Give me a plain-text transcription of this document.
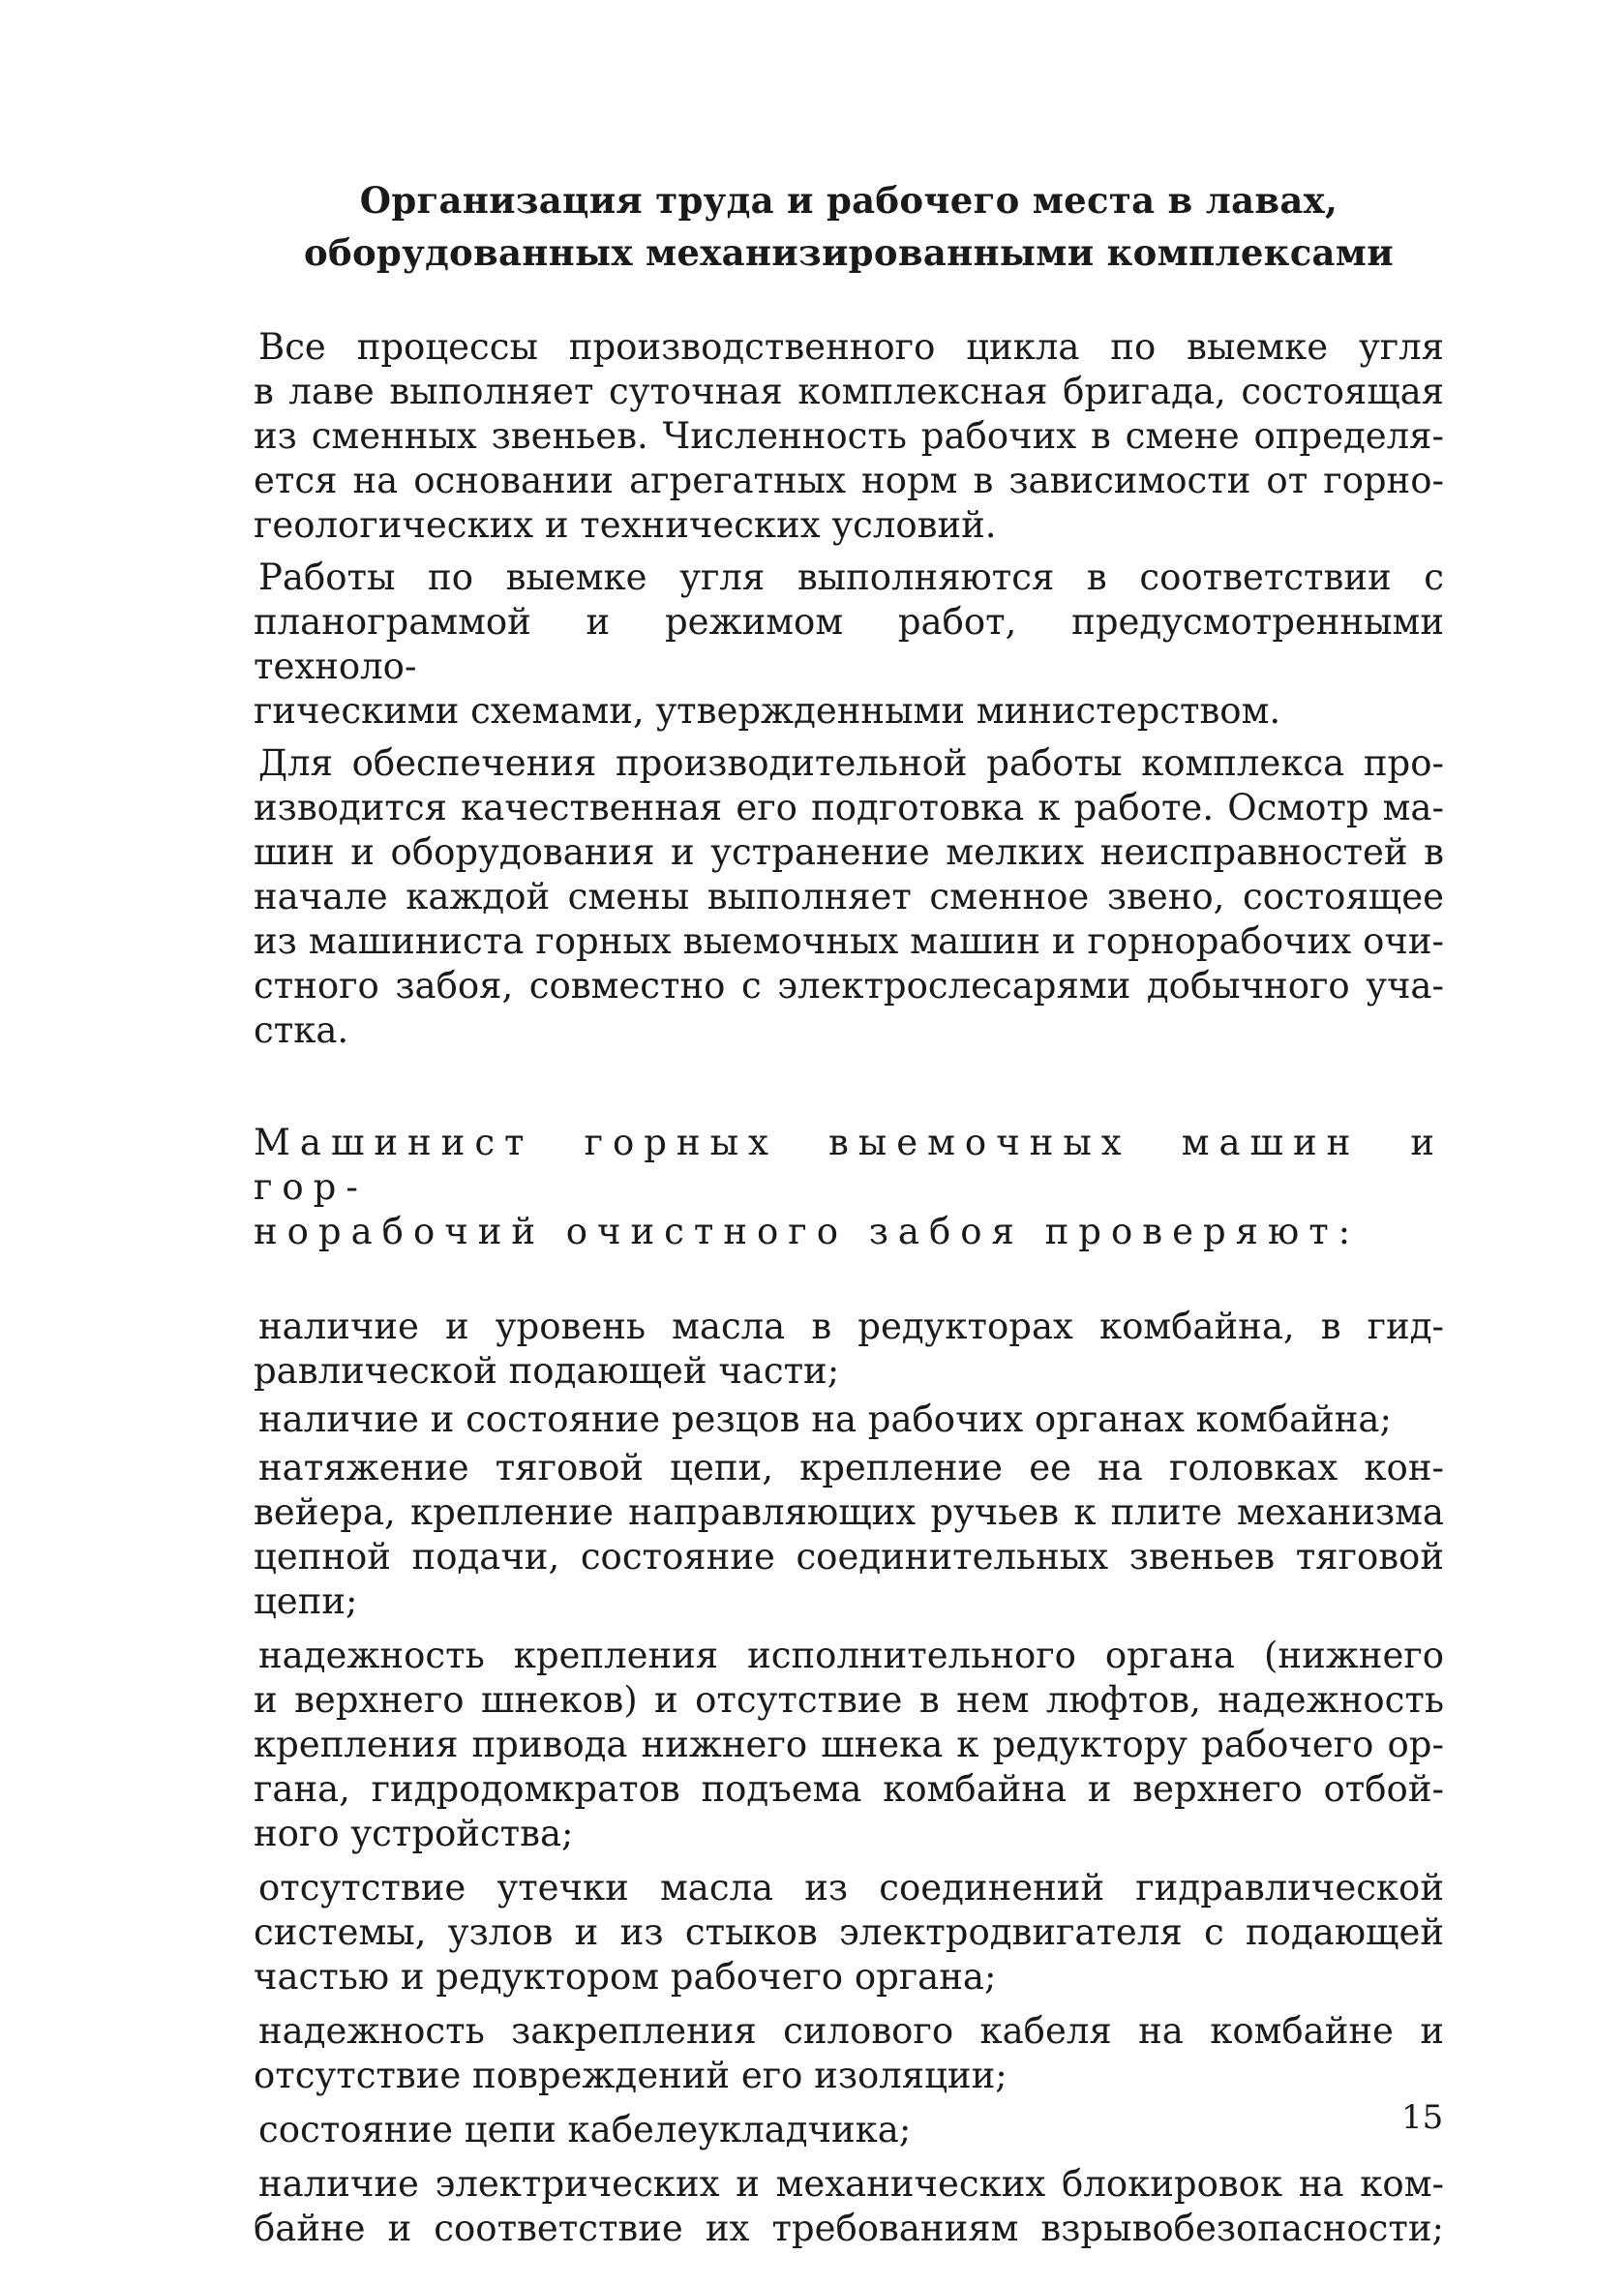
Организация труда и рабочего места в лавах,
оборудованных механизированными комплексами
Все процессы производственного цикла по выемке угля
в лаве выполняет суточная комплексная бригада, состоящая
из сменных звеньев. Численность рабочих в смене определя-
ется на основании агрегатных норм в зависимости от горно-
геологических и технических условий.
Работы по выемке угля выполняются в соответствии с
планограммой и режимом работ, предусмотренными техноло-
гическими схемами, утвержденными министерством.
Для обеспечения производительной работы комплекса про-
изводится качественная его подготовка к работе. Осмотр ма-
шин и оборудования и устранение мелких неисправностей в
начале каждой смены выполняет сменное звено, состоящее
из машиниста горных выемочных машин и горнорабочих очи-
стного забоя, совместно с электрослесарями добычного уча-
стка.
Машинист горных выемочных машин и гор-
норабочий очистного забоя проверяют:
наличие и уровень масла в редукторах комбайна, в гид-
равлической подающей части;
наличие и состояние резцов на рабочих органах комбайна;
натяжение тяговой цепи, крепление ее на головках кон-
вейера, крепление направляющих ручьев к плите механизма
цепной подачи, состояние соединительных звеньев тяговой
цепи;
надежность крепления исполнительного органа (нижнего
и верхнего шнеков) и отсутствие в нем люфтов, надежность
крепления привода нижнего шнека к редуктору рабочего ор-
гана, гидродомкратов подъема комбайна и верхнего отбой-
ного устройства;
отсутствие утечки масла из соединений гидравлической
системы, узлов и из стыков электродвигателя с подающей
частью и редуктором рабочего органа;
надежность закрепления силового кабеля на комбайне и
отсутствие повреждений его изоляции;
состояние цепи кабелеукладчика;
наличие электрических и механических блокировок на ком-
байне и соответствие их требованиям взрывобезопасности;
15
